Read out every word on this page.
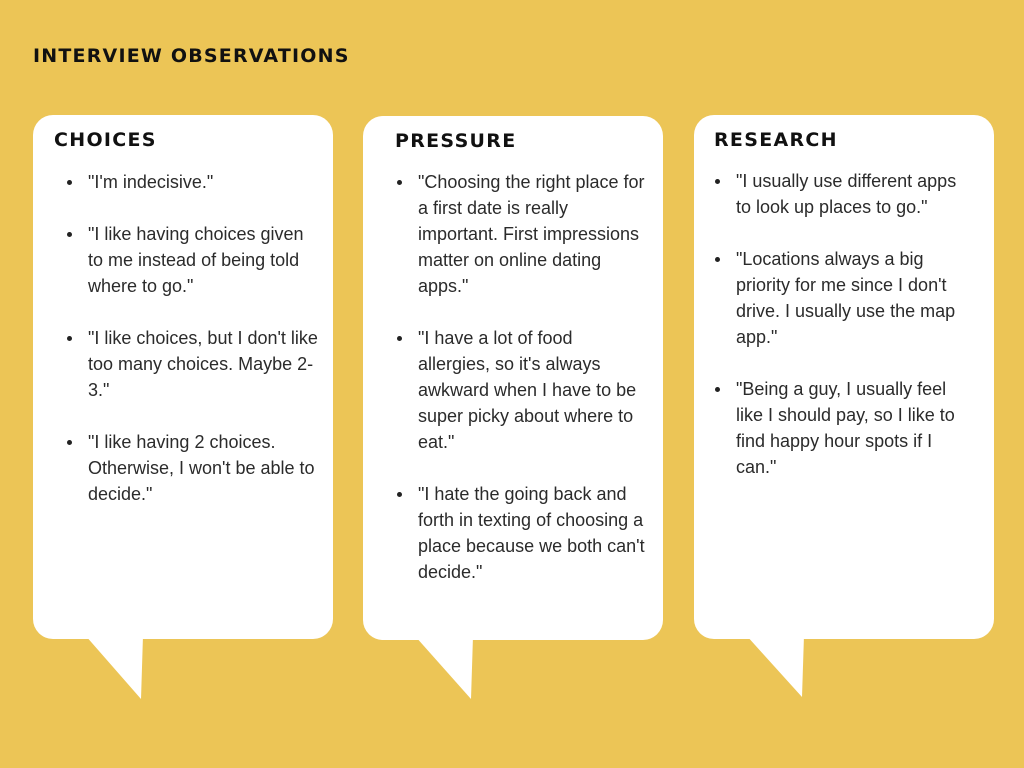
INTERVIEW OBSERVATIONS
CHOICES
"I'm indecisive."
"I like having choices given to me instead of being told where to go."
"I like choices, but I don't like too many choices. Maybe 2-3."
"I like having 2 choices. Otherwise, I won't be able to decide."
PRESSURE
"Choosing the right place for a first date is really important. First impressions matter on online dating apps."
"I have a lot of food allergies, so it's always awkward when I have to be super picky about where to eat."
"I hate the going back and forth in texting of choosing a place because we both can't decide."
RESEARCH
"I usually use different apps to look up places to go."
"Locations always a big priority for me since I don't drive. I usually use the map app."
"Being a guy, I usually feel like I should pay, so I like to find happy hour spots if I can."
